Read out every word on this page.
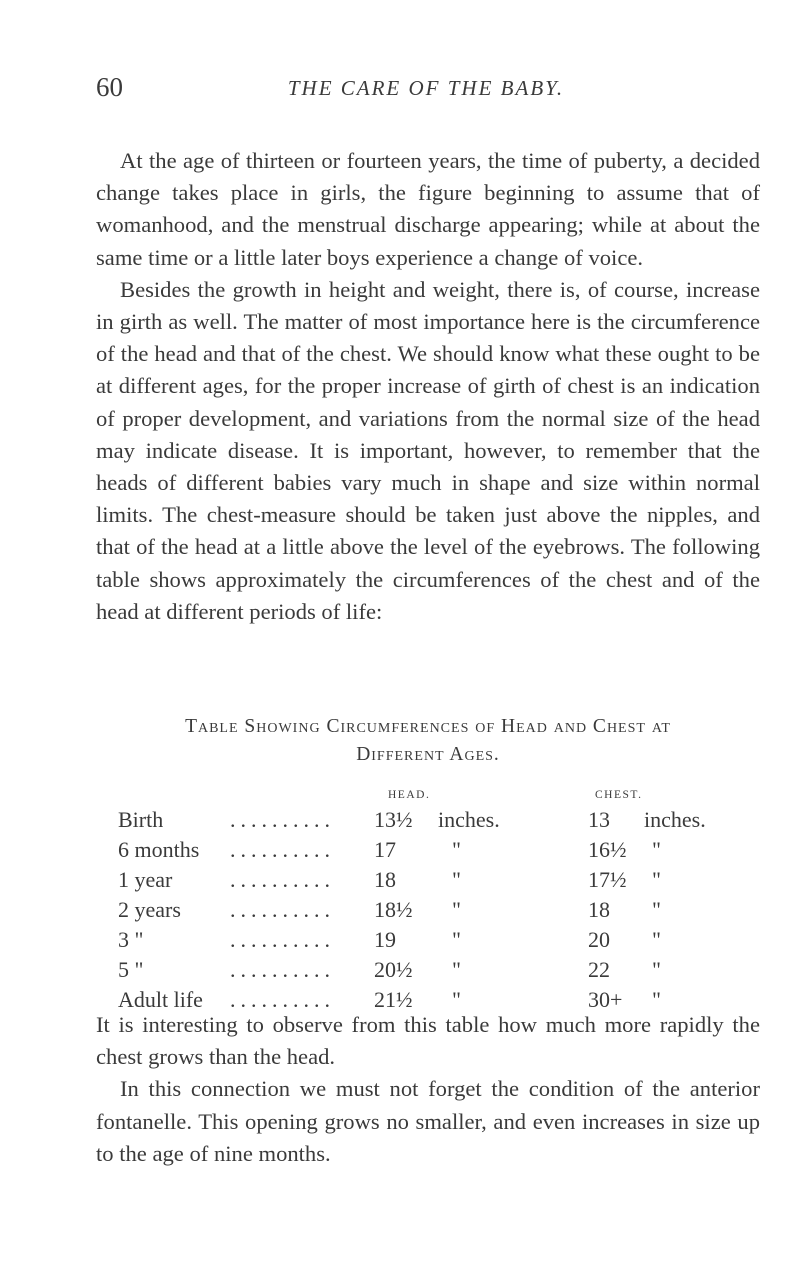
60	THE CARE OF THE BABY.

At the age of thirteen or fourteen years, the time of puberty, a decided change takes place in girls, the figure beginning to assume that of womanhood, and the menstrual discharge appearing; while at about the same time or a little later boys experience a change of voice.

Besides the growth in height and weight, there is, of course, increase in girth as well. The matter of most importance here is the circumference of the head and that of the chest. We should know what these ought to be at different ages, for the proper increase of girth of chest is an indication of proper development, and variations from the normal size of the head may indicate disease. It is important, however, to remember that the heads of different babies vary much in shape and size within normal limits. The chest-measure should be taken just above the nipples, and that of the head at a little above the level of the eyebrows. The following table shows approximately the circumferences of the chest and of the head at different periods of life:

Table Showing Circumferences of Head and Chest at
Different Ages.
HEAD.	CHEST.
Birth	.......... 13½ inches.	13 inches.
6 months .......... 17	"	16½ "
1 year	.......... 18	"	17½ "
2 years .......... 18½ "	18 "
3 "	.......... 19	"	20 "
5 "	.......... 20½ "	22 "
Adult life .......... 21½ "	30+ "

It is interesting to observe from this table how much more rapidly the chest grows than the head.

In this connection we must not forget the condition of the anterior fontanelle. This opening grows no smaller, and even increases in size up to the age of nine months.
